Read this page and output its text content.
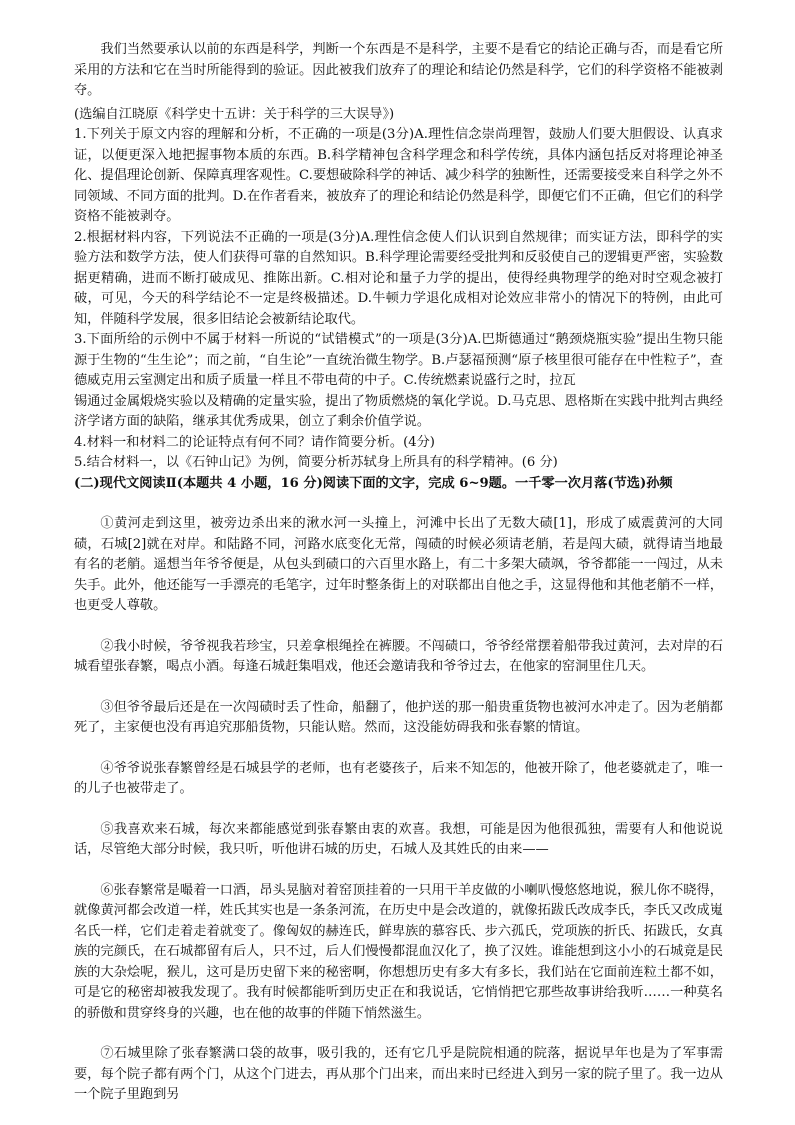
我们当然要承认以前的东西是科学，判断一个东西是不是科学，主要不是看它的结论正确与否，而是看它所采用的方法和它在当时所能得到的验证。因此被我们放弃了的理论和结论仍然是科学，它们的科学资格不能被剥夺。

(选编自江晓原《科学史十五讲：关于科学的三大误导》)

1.下列关于原文内容的理解和分析，不正确的一项是(3分)A.理性信念崇尚理智，鼓励人们要大胆假设、认真求证，以便更深入地把握事物本质的东西。B.科学精神包含科学理念和科学传统，具体内涵包括反对将理论神圣化、提倡理论创新、保障真理客观性。C.要想破除科学的神话、减少科学的独断性，还需要接受来自科学之外不同领域、不同方面的批判。D.在作者看来，被放弃了的理论和结论仍然是科学，即便它们不正确，但它们的科学资格不能被剥夺。

2.根据材料内容，下列说法不正确的一项是(3分)A.理性信念使人们认识到自然规律；而实证方法，即科学的实验方法和数学方法，使人们获得可靠的自然知识。B.科学理论需要经受批判和反驳使自己的逻辑更严密，实验数据更精确，进而不断打破成见、推陈出新。C.相对论和量子力学的提出，使得经典物理学的绝对时空观念被打破，可见，今天的科学结论不一定是终极描述。D.牛顿力学退化成相对论效应非常小的情况下的特例，由此可知，伴随科学发展，很多旧结论会被新结论取代。

3.下面所给的示例中不属于材料一所说的“试错模式”的一项是(3分)A.巴斯德通过“鹅颈烧瓶实验”提出生物只能源于生物的“生生论”；而之前，“自生论”一直统治微生物学。B.卢瑟福预测“原子核里很可能存在中性粒子”，查德威克用云室测定出和质子质量一样且不带电荷的中子。C.传统燃素说盛行之时，拉瓦

锡通过金属煅烧实验以及精确的定量实验，提出了物质燃烧的氧化学说。D.马克思、恩格斯在实践中批判古典经济学诸方面的缺陷，继承其优秀成果，创立了剩余价值学说。

4.材料一和材料二的论证特点有何不同？请作简要分析。(4分)

5.结合材料一，以《石钟山记》为例，简要分析苏轼身上所具有的科学精神。(6 分)

(二)现代文阅读Ⅱ(本题共 4 小题，16 分)阅读下面的文字，完成 6~9题。一千零一次月落(节选)孙频

①黄河走到这里，被旁边杀出来的湫水河一头撞上，河滩中长出了无数大碛[1]，形成了威震黄河的大同碛，石城[2]就在对岸。和陆路不同，河路水底变化无常，闯碛的时候必须请老艄，若是闯大碛，就得请当地最有名的老艄。遥想当年爷爷便是，从包头到碛口的六百里水路上，有二十多架大碛飒，爷爷都能一一闯过，从未失手。此外，他还能写一手漂亮的毛笔字，过年时整条街上的对联都出自他之手，这显得他和其他老艄不一样，也更受人尊敬。

②我小时候，爷爷视我若珍宝，只差拿根绳拴在裤腰。不闯碛口，爷爷经常摆着船带我过黄河，去对岸的石城看望张春繁，喝点小酒。每逢石城赶集唱戏，他还会邀请我和爷爷过去，在他家的窑洞里住几天。

③但爷爷最后还是在一次闯碛时丢了性命，船翻了，他护送的那一船贵重货物也被河水冲走了。因为老艄都死了，主家便也没有再追究那船货物，只能认赔。然而，这没能妨碍我和张春繁的情谊。

④爷爷说张春繁曾经是石城县学的老师，也有老婆孩子，后来不知怎的，他被开除了，他老婆就走了，唯一的儿子也被带走了。

⑤我喜欢来石城，每次来都能感觉到张春繁由衷的欢喜。我想，可能是因为他很孤独，需要有人和他说说话，尽管绝大部分时候，我只听，听他讲石城的历史，石城人及其姓氏的由来——

⑥张春繁常是嘬着一口酒，昂头晃脑对着窑顶挂着的一只用干羊皮做的小喇叭慢悠悠地说，猴儿你不晓得，就像黄河都会改道一样，姓氏其实也是一条条河流，在历史中是会改道的，就像拓跋氏改成李氏，李氏又改成嵬名氏一样，它们走着走着就变了。像匈奴的赫连氏，鲜卑族的慕容氏、步六孤氏，党项族的折氏、拓跋氏，女真族的完颜氏，在石城都留有后人，只不过，后人们慢慢都混血汉化了，换了汉姓。谁能想到这小小的石城竟是民族的大杂烩呢，猴儿，这可是历史留下来的秘密啊，你想想历史有多大有多长，我们站在它面前连粒土都不如，可是它的秘密却被我发现了。我有时候都能听到历史正在和我说话，它悄悄把它那些故事讲给我听……一种莫名的骄傲和贯穿终身的兴趣，也在他的故事的伴随下悄然滋生。

⑦石城里除了张春繁满口袋的故事，吸引我的，还有它几乎是院院相通的院落，据说早年也是为了军事需要，每个院子都有两个门，从这个门进去，再从那个门出来，而出来时已经进入到另一家的院子里了。我一边从一个院子里跑到另
